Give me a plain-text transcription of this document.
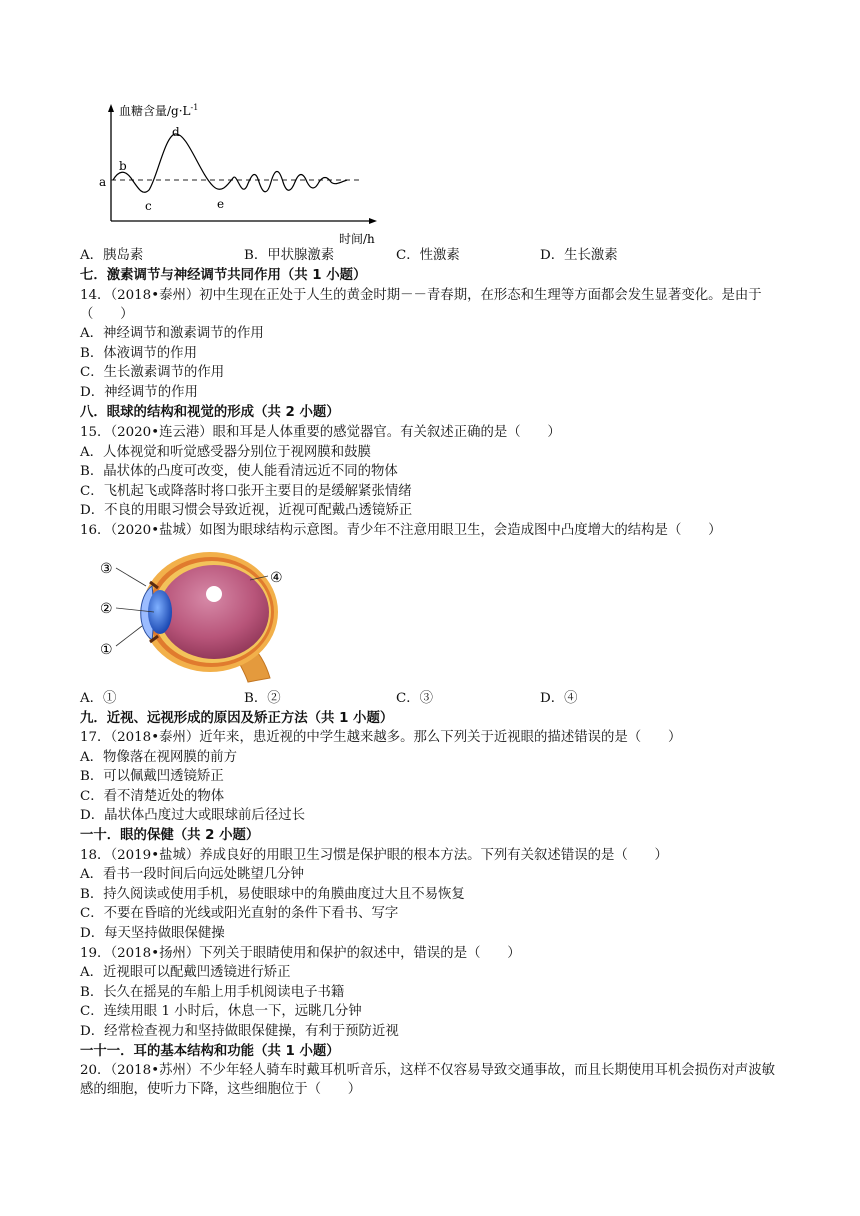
血糖含量$/g\cdot L^{-1}$
时间/h
a
b
c
d
e
A．胰岛素	B．甲状腺激素	C．性激素	D．生长激素
七．激素调节与神经调节共同作用（共 1 小题）
14．（2018•泰州）初中生现在正处于人生的黄金时期－－青春期，在形态和生理等方面都会发生显著变化。是由于（　　）
A．神经调节和激素调节的作用
B．体液调节的作用
C．生长激素调节的作用
D．神经调节的作用
八．眼球的结构和视觉的形成（共 2 小题）
15．（2020•连云港）眼和耳是人体重要的感觉器官。有关叙述正确的是（　　）
A．人体视觉和听觉感受器分别位于视网膜和鼓膜
B．晶状体的凸度可改变，使人能看清远近不同的物体
C．飞机起飞或降落时将口张开主要目的是缓解紧张情绪
D．不良的用眼习惯会导致近视，近视可配戴凸透镜矫正
16．（2020•盐城）如图为眼球结构示意图。青少年不注意用眼卫生，会造成图中凸度增大的结构是（　　）
③
②
①
④
A．①	B．②	C．③	D．④
九．近视、远视形成的原因及矫正方法（共 1 小题）
17．（2018•泰州）近年来，患近视的中学生越来越多。那么下列关于近视眼的描述错误的是（　　）
A．物像落在视网膜的前方
B．可以佩戴凹透镜矫正
C．看不清楚近处的物体
D．晶状体凸度过大或眼球前后径过长
一十．眼的保健（共 2 小题）
18．（2019•盐城）养成良好的用眼卫生习惯是保护眼的根本方法。下列有关叙述错误的是（　　）
A．看书一段时间后向远处眺望几分钟
B．持久阅读或使用手机，易使眼球中的角膜曲度过大且不易恢复
C．不要在昏暗的光线或阳光直射的条件下看书、写字
D．每天坚持做眼保健操
19．（2018•扬州）下列关于眼睛使用和保护的叙述中，错误的是（　　）
A．近视眼可以配戴凹透镜进行矫正
B．长久在摇晃的车船上用手机阅读电子书籍
C．连续用眼 1 小时后，休息一下，远眺几分钟
D．经常检查视力和坚持做眼保健操，有利于预防近视
一十一．耳的基本结构和功能（共 1 小题）
20．（2018•苏州）不少年轻人骑车时戴耳机听音乐，这样不仅容易导致交通事故，而且长期使用耳机会损伤对声波敏感的细胞，使听力下降，这些细胞位于（　　）
